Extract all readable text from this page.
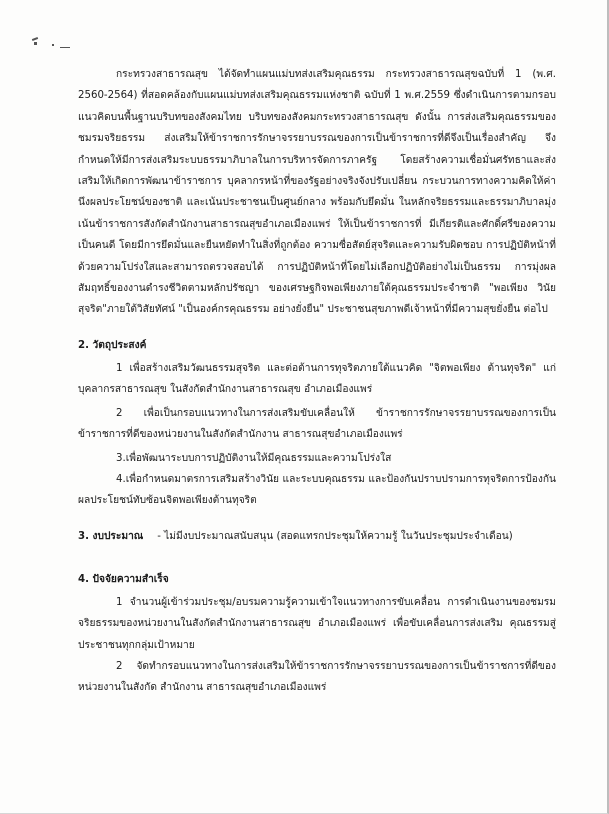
กระทรวงสาธารณสุข ได้จัดทำแผนแม่บทส่งเสริมคุณธรรม กระทรวงสาธารณสุขฉบับที่ 1 (พ.ศ. 2560-2564) ที่สอดคล้องกับแผนแม่บทส่งเสริมคุณธรรมแห่งชาติ ฉบับที่ 1 พ.ศ.2559 ซึ่งดำเนินการตามกรอบแนวคิดบนพื้นฐานบริบทของสังคมไทย บริบทของสังคมกระทรวงสาธารณสุข ดังนั้น การส่งเสริมคุณธรรมของชมรมจริยธรรม ส่งเสริมให้ข้าราชการรักษาจรรยาบรรณของการเป็นข้าราชการที่ดีจึงเป็นเรื่องสำคัญ จึงกำหนดให้มีการส่งเสริมระบบธรรมาภิบาลในการบริหารจัดการภาครัฐ โดยสร้างความเชื่อมั่นศรัทธาและส่งเสริมให้เกิดการพัฒนาข้าราชการ บุคลากรหน้าที่ของรัฐอย่างจริงจังปรับเปลี่ยน กระบวนการทางความคิดให้ค่านึงผลประโยชน์ของชาติ และเน้นประชาชนเป็นศูนย์กลาง พร้อมกับยึดมั่น ในหลักจริยธรรมและธรรมาภิบาลมุ่งเน้นข้าราชการสังกัดสำนักงานสาธารณสุขอำเภอเมืองแพร่ ให้เป็นข้าราชการที่ มีเกียรติและศักดิ์ศรีของความเป็นคนดี โดยมีการยึดมั่นและยืนหยัดทำในสิ่งที่ถูกต้อง ความซื่อสัตย์สุจริตและความรับผิดชอบ การปฏิบัติหน้าที่ด้วยความโปร่งใสและสามารถตรวจสอบได้ การปฏิบัติหน้าที่โดยไม่เลือกปฏิบัติอย่างไม่เป็นธรรม การมุ่งผลสัมฤทธิ์ของงานดำรงชีวิตตามหลักปรัชญา ของเศรษฐกิจพอเพียงภายใต้คุณธรรมประจำชาติ "พอเพียง วินัย สุจริต"ภายใต้วิสัยทัศน์ "เป็นองค์กรคุณธรรม อย่างยั่งยืน" ประชาชนสุขภาพดีเจ้าหน้าที่มีความสุขยั่งยืน ต่อไป

2. วัตถุประสงค์

1 เพื่อสร้างเสริมวัฒนธรรมสุจริต และต่อต้านการทุจริตภายใต้แนวคิด "จิตพอเพียง ต้านทุจริต" แก่บุคลากรสาธารณสุข ในสังกัดสำนักงานสาธารณสุข อำเภอเมืองแพร่

2 เพื่อเป็นกรอบแนวทางในการส่งเสริมขับเคลื่อนให้ ข้าราชการรักษาจรรยาบรรณของการเป็นข้าราชการที่ดีของหน่วยงานในสังกัดสำนักงาน สาธารณสุขอำเภอเมืองแพร่

3.เพื่อพัฒนาระบบการปฏิบัติงานให้มีคุณธรรมและความโปร่งใส

4.เพื่อกำหนดมาตรการเสริมสร้างวินัย และระบบคุณธรรม และป้องกันปราบปรามการทุจริตการป้องกันผลประโยชน์ทับซ้อนจิตพอเพียงต้านทุจริต

3. งบประมาณ - ไม่มีงบประมาณสนับสนุน (สอดแทรกประชุมให้ความรู้ ในวันประชุมประจำเดือน)
4. ปัจจัยความสำเร็จ

1 จำนวนผู้เข้าร่วมประชุม/อบรมความรู้ความเข้าใจแนวทางการขับเคลื่อน การดำเนินงานของชมรมจริยธรรมของหน่วยงานในสังกัดสำนักงานสาธารณสุข อำเภอเมืองแพร่ เพื่อขับเคลื่อนการส่งเสริม คุณธรรมสู่ประชาชนทุกกลุ่มเป้าหมาย

2 จัดทำกรอบแนวทางในการส่งเสริมให้ข้าราชการรักษาจรรยาบรรณของการเป็นข้าราชการที่ดีของหน่วยงานในสังกัด สำนักงาน สาธารณสุขอำเภอเมืองแพร่
